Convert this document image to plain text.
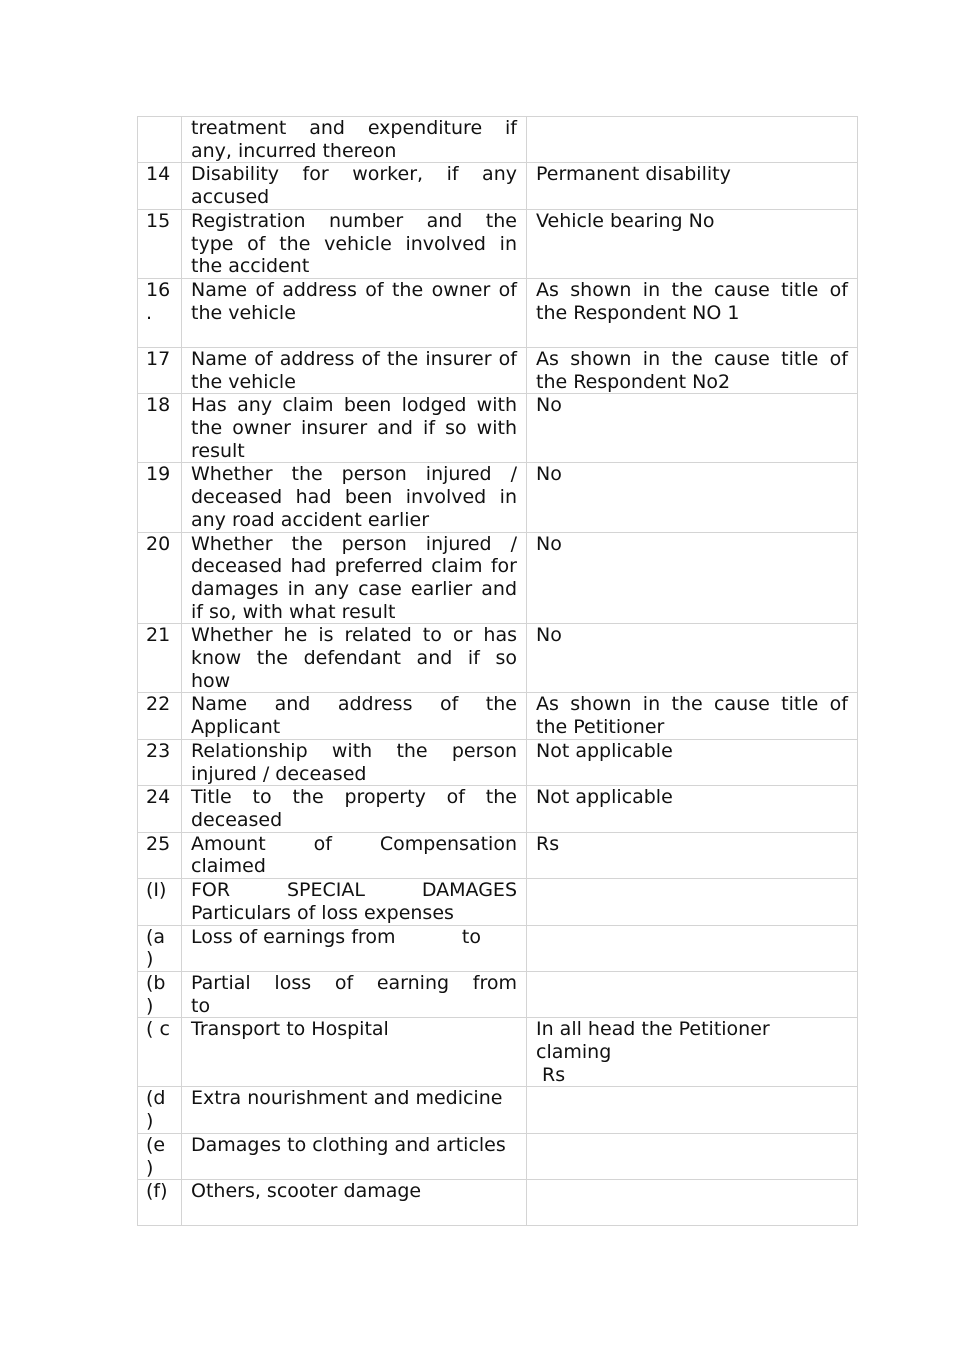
	treatment and expenditure if
any, incurred thereon	

14	Disability for worker, if any
accused	Permanent disability

15	Registration number and the
type of the vehicle involved in
the accident	Vehicle bearing No

16
.	Name of address of the owner of
the vehicle	As shown in the cause title of
the Respondent NO 1

17	Name of address of the insurer of
the vehicle	As shown in the cause title of
the Respondent No2

18	Has any claim been lodged with
the owner insurer and if so with
result	No

19	Whether the person injured /
deceased had been involved in
any road accident earlier	No

20	Whether the person injured /
deceased had preferred claim for
damages in any case earlier and
if so, with what result	No

21	Whether he is related to or has
know the defendant and if so
how	No

22	Name and address of the
Applicant	As shown in the cause title of
the Petitioner

23	Relationship with the person
injured / deceased	Not applicable

24	Title to the property of the
deceased	Not applicable

25	Amount of Compensation
claimed	Rs

(I)	FOR SPECIAL DAMAGES
Particulars of loss expenses	

(a
)	Loss of earnings from           to	

(b
)	Partial loss of earning from
to	

( c	Transport to Hospital	In all head the Petitioner
claming
Rs

(d
)	Extra nourishment and medicine	

(e
)	Damages to clothing and articles	

(f)	Others, scooter damage	
